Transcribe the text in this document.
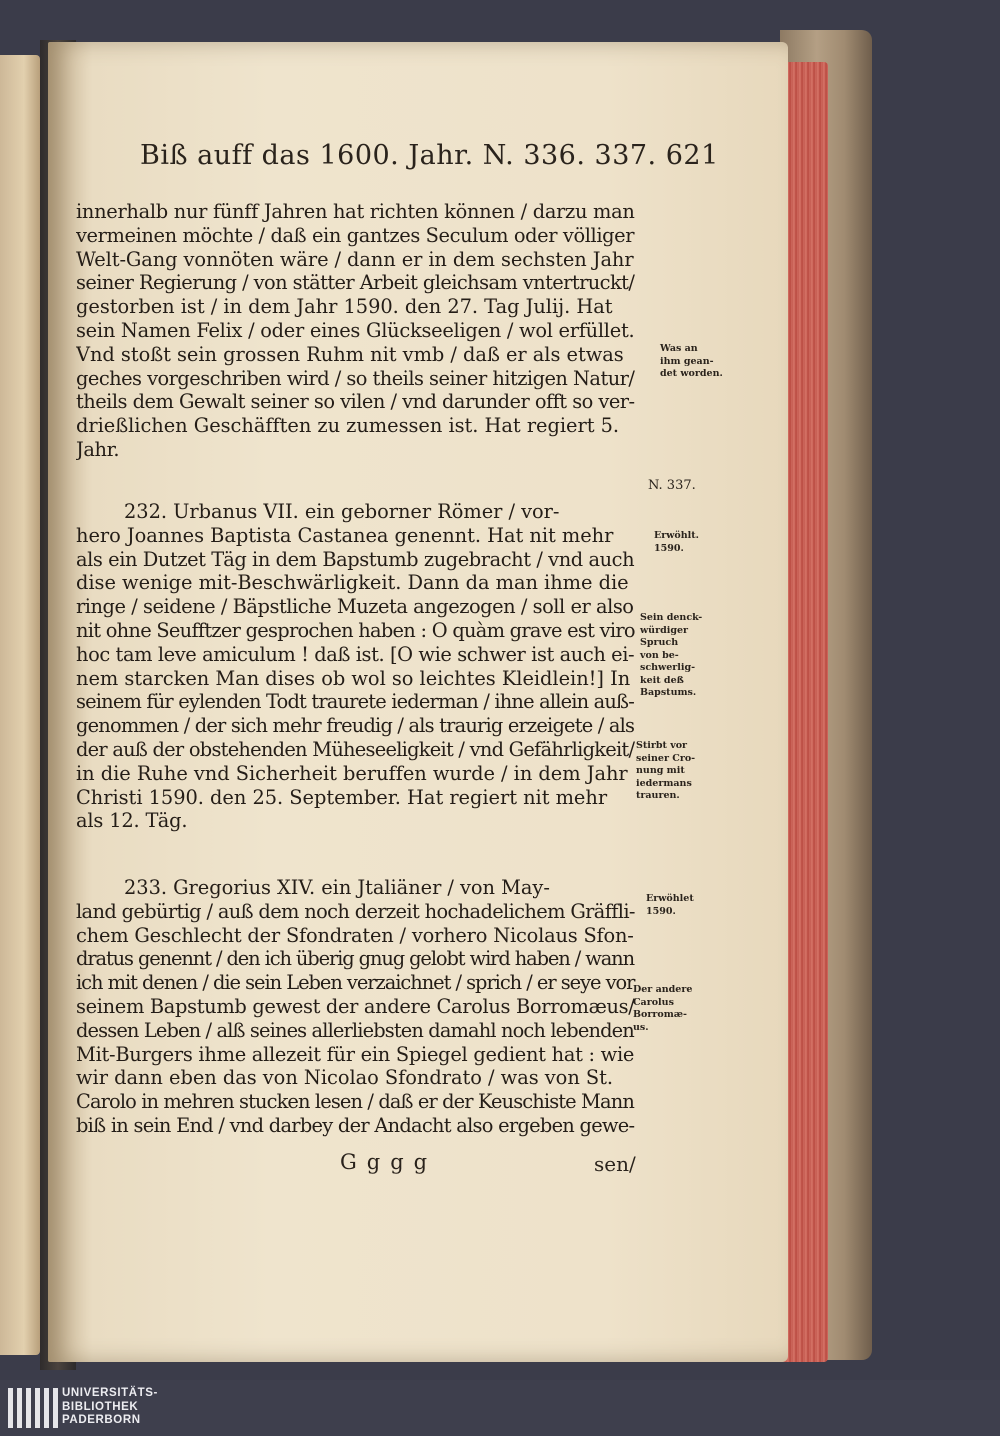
Biß auff das 1600. Jahr. N. 336. 337. 621
innerhalb nur fünff Jahren hat richten können / darzu man
vermeinen möchte / daß ein gantzes Seculum oder völliger
Welt-Gang vonnöten wäre / dann er in dem sechsten Jahr
seiner Regierung / von stätter Arbeit gleichsam vntertruckt/
gestorben ist / in dem Jahr 1590. den 27. Tag Julij. Hat
sein Namen Felix / oder eines Glückseeligen / wol erfüllet.
Vnd stoßt sein grossen Ruhm nit vmb / daß er als etwas
geches vorgeschriben wird / so theils seiner hitzigen Natur/
theils dem Gewalt seiner so vilen / vnd darunder offt so ver-
drießlichen Geschäfften zu zumessen ist. Hat regiert 5.
Jahr.
232. Urbanus VII. ein geborner Römer / vor-
hero Joannes Baptista Castanea genennt. Hat nit mehr
als ein Dutzet Täg in dem Bapstumb zugebracht / vnd auch
dise wenige mit-Beschwärligkeit. Dann da man ihme die
ringe / seidene / Bäpstliche Muzeta angezogen / soll er also
nit ohne Seufftzer gesprochen haben : O quàm grave est viro
hoc tam leve amiculum ! daß ist. [O wie schwer ist auch ei-
nem starcken Man dises ob wol so leichtes Kleidlein!] In
seinem für eylenden Todt traurete iederman / ihne allein auß-
genommen / der sich mehr freudig / als traurig erzeigete / als
der auß der obstehenden Müheseeligkeit / vnd Gefährligkeit/
in die Ruhe vnd Sicherheit beruffen wurde / in dem Jahr
Christi 1590. den 25. September. Hat regiert nit mehr
als 12. Täg.
233. Gregorius XIV. ein Jtaliäner / von May-
land gebürtig / auß dem noch derzeit hochadelichem Gräffli-
chem Geschlecht der Sfondraten / vorhero Nicolaus Sfon-
dratus genennt / den ich überig gnug gelobt wird haben / wann
ich mit denen / die sein Leben verzaichnet / sprich / er seye vor
seinem Bapstumb gewest der andere Carolus Borromæus/
dessen Leben / alß seines allerliebsten damahl noch lebenden
Mit-Burgers ihme allezeit für ein Spiegel gedient hat : wie
wir dann eben das von Nicolao Sfondrato / was von St.
Carolo in mehren stucken lesen / daß er der Keuschiste Mann
biß in sein End / vnd darbey der Andacht also ergeben gewe-
Was an
ihm gean-
det worden.
N. 337.
Erwöhlt.
1590.
Sein denck-
würdiger
Spruch
von be-
schwerlig-
keit deß
Bapstums.
Stirbt vor
seiner Cro-
nung mit
iedermans
trauren.
Erwöhlet
1590.
Der andere
Carolus
Borromæ-
us.
Gggg	sen/
UNIVERSITÄTS-
BIBLIOTHEK
PADERBORN
